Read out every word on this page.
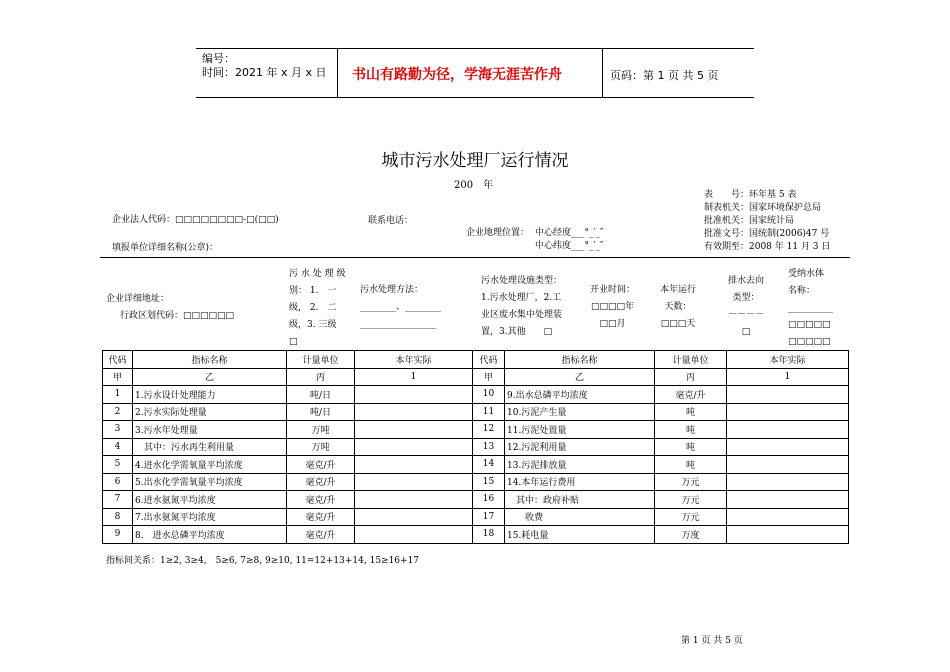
编号：
时间：2021 年 x 月 x 日 书山有路勤为径，学海无涯苦作舟	页码：第 1 页 共 5 页
城市污水处理厂运行情况
200　年
表　　号：环年基 5 表
制表机关：国家环境保护总局
批准机关：国家统计局
批准文号：国统制(2006)47 号
有效期至：2008 年 11 月 3 日
企业法人代码：□□□□□□□□-□(□□)	联系电话：
企业地理位置： 中心经度___°_′_″
中心纬度___°_′_″
填报单位详细名称(公章)：
企业详细地址：
行政区划代码：□□□□□□
污 水 处 理 级
别： 1.　一
级， 2.　二
级，3. 三级
□
污水处理方法：
________、________
_________________
污水处理设施类型：
1.污水处理厂，2.工
业区废水集中处理装
置，3.其他　　□
开业时间：
□□□□年
□□月
本年运行
天数：
□□□天
排水去向
类型：
－－－－
□
受纳水体
名称：
__________
□□□□□
□□□□□
代码	指标名称	计量单位	本年实际	代码	指标名称	计量单位	本年实际
甲	乙	丙	1	甲	乙	丙	1
1	1.污水设计处理能力	吨/日		10	9.出水总磷平均浓度	毫克/升	
2	2.污水实际处理量	吨/日		11	10.污泥产生量	吨	
3	3.污水年处理量	万吨		12	11.污泥处置量	吨	
4	　其中：污水再生利用量	万吨		13	12.污泥利用量	吨	
5	4.进水化学需氧量平均浓度	毫克/升		14	13.污泥排放量	吨	
6	5.出水化学需氧量平均浓度	毫克/升		15	14.本年运行费用	万元	
7	6.进水氨氮平均浓度	毫克/升		16	　其中：政府补贴	万元	
8	7.出水氨氮平均浓度	毫克/升		17	　　收费	万元	
9	8.　进水总磷平均浓度	毫克/升		18	15.耗电量	万度	
指标间关系：1≥2, 3≥4,　5≥6, 7≥8, 9≥10, 11=12+13+14, 15≥16+17
第 1 页 共 5 页
